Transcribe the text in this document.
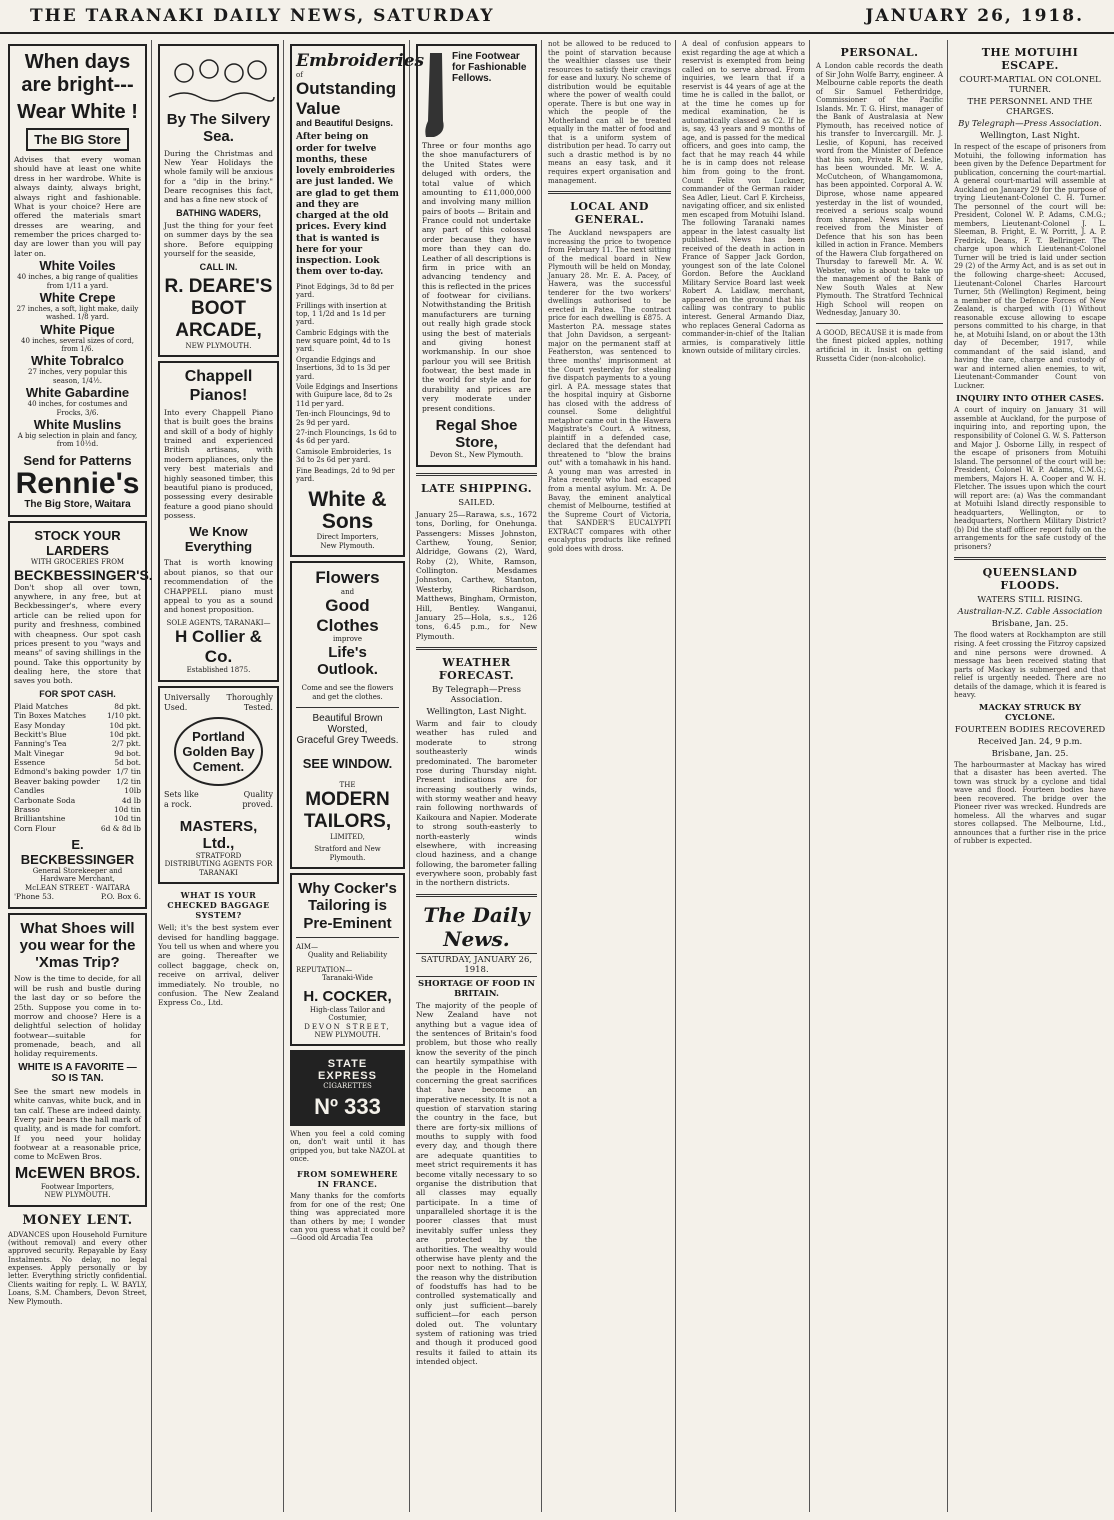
THE TARANAKI DAILY NEWS, SATURDAY	JANUARY 26, 1918.
When days are bright---
Wear White !
The BIG Store

Advises that every woman should have at least one white dress in her wardrobe. White is always dainty, always bright, always right and fashionable. What is your choice? Here are offered the materials smart dresses are wearing, and remember the prices charged to-day are lower than you will pay later on.

White Voiles
40 inches, a big range of qualities from 1/11 a yard.
White Crepe
27 inches, a soft, light make, daily washed. 1/8 yard.
White Pique
40 inches, several sizes of cord, from 1/6.
White Tobralco
27 inches, very popular this season, 1/4½.
White Gabardine
40 inches, for costumes and Frocks, 3/6.
White Muslins
A big selection in plain and fancy, from 10½d.
Send for Patterns
Rennie's
The Big Store, Waitara
STOCK YOUR LARDERS
WITH GROCERIES FROM
BECKBESSINGER'S.

Don't shop all over town, anywhere, in any free, but at Beckbessinger's, where every article can be relied upon for purity and freshness, combined with cheapness. Our spot cash prices present to you "ways and means" of saving shillings in the pound. Take this opportunity by dealing here, the store that saves you both.

FOR SPOT CASH.
Plaid Matches	8d pkt.
Tin Boxes Matches	1/10 pkt.
Easy Monday	10d pkt.
Beckitt's Blue	10d pkt.
Fanning's Tea	2/7 pkt.
Malt Vinegar	9d bot.
Essence	5d bot.
Edmond's baking powder 1/7 tin
Beaver baking powder 1/2 tin
Candles	10lb
Carbonate Soda	4d lb
Brasso	10d tin
Brilliantshine	10d tin
Corn Flour	6d & 8d lb
E. BECKBESSINGER
General Storekeeper and Hardware Merchant,
McLEAN STREET · WAITARA
'Phone 53.	P.O. Box 6.
What Shoes will you wear for the 'Xmas Trip?

Now is the time to decide, for all will be rush and bustle during the last day or so before the 25th. Suppose you come in to-morrow and choose? Here is a delightful selection of holiday footwear—suitable for promenade, beach, and all holiday requirements.

WHITE IS A FAVORITE — SO IS TAN.

See the smart new models in white canvas, white buck, and in tan calf. These are indeed dainty. Every pair bears the hall mark of quality, and is made for comfort. If you need your holiday footwear at a reasonable price, come to McEwen Bros.

McEWEN BROS.
Footwear Importers,
NEW PLYMOUTH.
MONEY LENT.

ADVANCES upon Household Furniture (without removal) and every other approved security. Repayable by Easy Instalments. No delay, no legal expenses. Apply personally or by letter. Everything strictly confidential. Clients waiting for reply. L. W. BAYLY, Loans, S.M. Chambers, Devon Street, New Plymouth.

By The Silvery Sea.

During the Christmas and New Year Holidays the whole family will be anxious for a "dip in the briny." Deare recognises this fact, and has a fine new stock of

BATHING WADERS,

Just the thing for your feet on summer days by the sea shore. Before equipping yourself for the seaside,

CALL IN.
R. DEARE'S BOOT ARCADE,
NEW PLYMOUTH.
Chappell Pianos!

Into every Chappell Piano that is built goes the brains and skill of a body of highly trained and experienced British artisans, with modern appliances, only the very best materials and highly seasoned timber, this beautiful piano is produced, possessing every desirable feature a good piano should possess.

We Know Everything

That is worth knowing about pianos, so that our recommendation of the CHAPPELL piano must appeal to you as a sound and honest proposition.

SOLE AGENTS, TARANAKI—
H Collier & Co.
Established 1875.
Universally Thoroughly
Used.	Tested.
Portland Golden Bay Cement.
Sets like	Quality
a rock.	proved.
MASTERS, Ltd.,
STRATFORD
DISTRIBUTING AGENTS FOR TARANAKI
WHAT IS YOUR CHECKED BAGGAGE SYSTEM?

Well; it's the best system ever devised for handling baggage. You tell us when and where you are going. Thereafter we collect baggage, check on, receive on arrival, deliver immediately. No trouble, no confusion. The New Zealand Express Co., Ltd.

Embroideries
of
Outstanding Value
and Beautiful Designs.

After being on order for twelve months, these lovely embroideries are just landed. We are glad to get them and they are charged at the old prices. Every kind that is wanted is here for your inspection. Look them over to-day.

Pinot Edgings, 3d to 8d per yard.

Frillings with insertion at top, 1 1/2d and 1s 1d per yard.

Cambric Edgings with the new square point, 4d to 1s yard.

Organdie Edgings and Insertions, 3d to 1s 3d per yard.

Voile Edgings and Insertions with Guipure lace, 8d to 2s 11d per yard.

Ten-inch Flouncings, 9d to 2s 9d per yard.

27-inch Flouncings, 1s 6d to 4s 6d per yard.

Camisole Embroideries, 1s 3d to 2s 6d per yard.

Fine Beadings, 2d to 9d per yard.

White & Sons
Direct Importers,
New Plymouth.
Flowers
and
Good Clothes
improve
Life's Outlook.

Come and see the flowers and get the clothes.

Beautiful Brown Worsted,
Graceful Grey Tweeds.
SEE WINDOW.
THE
MODERN TAILORS,
LIMITED,
Stratford and New Plymouth.
Why Cocker's Tailoring is Pre-Eminent
AIM—
Quality and Reliability
REPUTATION—
Taranaki-Wide
H. COCKER,
High-class Tailor and Costumier,
DEVON STREET,
NEW PLYMOUTH.
STATE EXPRESS
CIGARETTES
Nº 333

When you feel a cold coming on, don't wait until it has gripped you, but take NAZOL at once.

FROM SOMEWHERE IN FRANCE.

Many thanks for the comforts from for one of the rest; One thing was appreciated more than others by me; I wonder can you guess what it could be? —Good old Arcadia Tea

Fine Footwear for Fashionable Fellows.

Three or four months ago the shoe manufacturers of the United States were deluged with orders, the total value of which amounting to £11,000,000 and involving many million pairs of boots — Britain and France could not undertake any part of this colossal order because they have more than they can do. Leather of all descriptions is firm in price with an advancing tendency and this is reflected in the prices of footwear for civilians. Notwithstanding the British manufacturers are turning out really high grade stock using the best of materials and giving honest workmanship. In our shoe parlour you will see British footwear, the best made in the world for style and for durability and prices are very moderate under present conditions.

Regal Shoe Store,
Devon St., New Plymouth.
LATE SHIPPING.
SAILED.

January 25—Rarawa, s.s., 1672 tons, Dorling, for Onehunga. Passengers: Misses Johnston, Carthew, Young, Senior, Aldridge, Gowans (2), Ward, Roby (2), White, Ramson, Collington. Mesdames Johnston, Carthew, Stanton, Westerby, Richardson, Matthews, Bingham, Ormiston, Hill, Bentley. Wanganui, January 25—Hola, s.s., 126 tons, 6.45 p.m., for New Plymouth.

WEATHER FORECAST.
By Telegraph—Press Association.
Wellington, Last Night.

Warm and fair to cloudy weather has ruled and moderate to strong southeasterly winds predominated. The barometer rose during Thursday night. Present indications are for increasing southerly winds, with stormy weather and heavy rain following northwards of Kaikoura and Napier. Moderate to strong south-easterly to north-easterly winds elsewhere, with increasing cloud haziness, and a change following, the barometer falling everywhere soon, probably fast in the northern districts.

The Daily News.
SATURDAY, JANUARY 26, 1918.
SHORTAGE OF FOOD IN BRITAIN.

The majority of the people of New Zealand have not anything but a vague idea of the sentences of Britain's food problem, but those who really know the severity of the pinch can heartily sympathise with the people in the Homeland concerning the great sacrifices that have become an imperative necessity. It is not a question of starvation staring the country in the face, but there are forty-six millions of mouths to supply with food every day, and though there are adequate quantities to meet strict requirements it has become vitally necessary to so organise the distribution that all classes may equally participate. In a time of unparalleled shortage it is the poorer classes that must inevitably suffer unless they are protected by the authorities. The wealthy would otherwise have plenty and the poor next to nothing. That is the reason why the distribution of foodstuffs has had to be controlled systematically and only just sufficient—barely sufficient—for each person doled out. The voluntary system of rationing was tried and though it produced good results it failed to attain its intended object.

not be allowed to be reduced to the point of starvation because the wealthier classes use their resources to satisfy their cravings for ease and luxury. No scheme of distribution would be equitable where the power of wealth could operate. There is but one way in which the people of the Motherland can all be treated equally in the matter of food and that is a uniform system of distribution per head. To carry out such a drastic method is by no means an easy task, and it requires expert organisation and management.

LOCAL AND GENERAL.

The Auckland newspapers are increasing the price to twopence from February 11. The next sitting of the medical board in New Plymouth will be held on Monday, January 28. Mr. E. A. Pacey, of Hawera, was the successful tenderer for the two workers' dwellings authorised to be erected in Patea. The contract price for each dwelling is £875. A Masterton P.A. message states that John Davidson, a sergeant-major on the permanent staff at Featherston, was sentenced to three months' imprisonment at the Court yesterday for stealing five dispatch payments to a young girl. A P.A. message states that the hospital inquiry at Gisborne has closed with the address of counsel. Some delightful metaphor came out in the Hawera Magistrate's Court. A witness, plaintiff in a defended case, declared that the defendant had threatened to "blow the brains out" with a tomahawk in his hand. A young man was arrested in Patea recently who had escaped from a mental asylum. Mr. A. De Bavay, the eminent analytical chemist of Melbourne, testified at the Supreme Court of Victoria, that SANDER'S EUCALYPTI EXTRACT compares with other eucalyptus products like refined gold does with dross.

A deal of confusion appears to exist regarding the age at which a reservist is exempted from being called on to serve abroad. From inquiries, we learn that if a reservist is 44 years of age at the time he is called in the ballot, or at the time he comes up for medical examination, he is automatically classed as C2. If he is, say, 43 years and 9 months of age, and is passed for the medical officers, and goes into camp, the fact that he may reach 44 while he is in camp does not release him from going to the front. Count Felix von Luckner, commander of the German raider Sea Adler, Lieut. Carl F. Kircheiss, navigating officer, and six enlisted men escaped from Motuihi Island. The following Taranaki names appear in the latest casualty list published. News has been received of the death in action in France of Sapper Jack Gordon, youngest son of the late Colonel Gordon. Before the Auckland Military Service Board last week Robert A. Laidlaw, merchant, appeared on the ground that his calling was contrary to public interest. General Armando Diaz, who replaces General Cadorna as commander-in-chief of the Italian armies, is comparatively little known outside of military circles.

PERSONAL.

A London cable records the death of Sir John Wolfe Barry, engineer. A Melbourne cable reports the death of Sir Samuel Fetherdridge, Commissioner of the Pacific Islands. Mr. T. G. Hirst, manager of the Bank of Australasia at New Plymouth, has received notice of his transfer to Invercargill. Mr. J. Leslie, of Kopuni, has received word from the Minister of Defence that his son, Private R. N. Leslie, has been wounded. Mr. W. A. McCutcheon, of Whangamomona, has been appointed. Corporal A. W. Diprose, whose name appeared yesterday in the list of wounded, received a serious scalp wound from shrapnel. News has been received from the Minister of Defence that his son has been killed in action in France. Members of the Hawera Club forgathered on Thursday to farewell Mr. A. W. Webster, who is about to take up the management of the Bank of New South Wales at New Plymouth. The Stratford Technical High School will reopen on Wednesday, January 30.

A GOOD, BECAUSE it is made from the finest picked apples, nothing artificial in it. Insist on getting Russetta Cider (non-alcoholic).

THE MOTUIHI ESCAPE.
COURT-MARTIAL ON COLONEL TURNER.
THE PERSONNEL AND THE CHARGES.
By Telegraph—Press Association.
Wellington, Last Night.

In respect of the escape of prisoners from Motuihi, the following information has been given by the Defence Department for publication, concerning the court-martial. A general court-martial will assemble at Auckland on January 29 for the purpose of trying Lieutenant-Colonel C. H. Turner. The personnel of the court will be: President, Colonel W. P. Adams, C.M.G.; members, Lieutenant-Colonel J. L. Sleeman, B. Fright, E. W. Porritt, J. A. P. Fredrick, Deans, F. T. Bellringer. The charge upon which Lieutenant-Colonel Turner will be tried is laid under section 29 (2) of the Army Act, and is as set out in the following charge-sheet: Accused, Lieutenant-Colonel Charles Harcourt Turner, 5th (Wellington) Regiment, being a member of the Defence Forces of New Zealand, is charged with (1) Without reasonable excuse allowing to escape persons committed to his charge, in that he, at Motuihi Island, on or about the 13th day of December, 1917, while commandant of the said island, and having the care, charge and custody of war and interned alien enemies, to wit, Lieutenant-Commander Count von Luckner.

INQUIRY INTO OTHER CASES.

A court of inquiry on January 31 will assemble at Auckland, for the purpose of inquiring into, and reporting upon, the responsibility of Colonel G. W. S. Patterson and Major J. Osborne Lilly, in respect of the escape of prisoners from Motuihi Island. The personnel of the court will be: President, Colonel W. P. Adams, C.M.G.; members, Majors H. A. Cooper and W. H. Fletcher. The issues upon which the court will report are: (a) Was the commandant at Motuihi Island directly responsible to headquarters, Wellington, or to headquarters, Northern Military District? (b) Did the staff officer report fully on the arrangements for the safe custody of the prisoners?

QUEENSLAND FLOODS.
WATERS STILL RISING.
Australian-N.Z. Cable Association
Brisbane, Jan. 25.

The flood waters at Rockhampton are still rising. A feet crossing the Fitzroy capsized and nine persons were drowned. A message has been received stating that parts of Mackay is submerged and that relief is urgently needed. There are no details of the damage, which it is feared is heavy.

MACKAY STRUCK BY CYCLONE.
FOURTEEN BODIES RECOVERED
Received Jan. 24, 9 p.m.
Brisbane, Jan. 25.

The harbourmaster at Mackay has wired that a disaster has been averted. The town was struck by a cyclone and tidal wave and flood. Fourteen bodies have been recovered. The bridge over the Pioneer river was wrecked. Hundreds are homeless. All the wharves and sugar stores collapsed. The Melbourne, Ltd., announces that a further rise in the price of rubber is expected.
